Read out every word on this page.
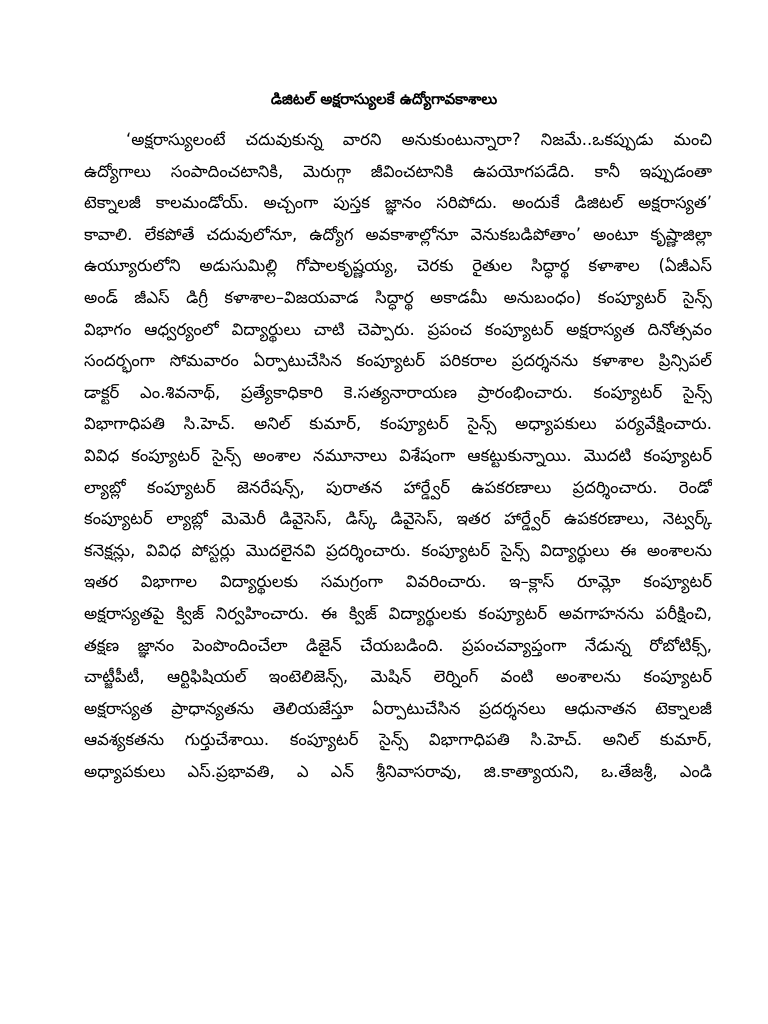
డిజిటల్ అక్షరాస్యులకే ఉద్యోగావకాశాలు
‘అక్షరాస్యులంటే చదువుకున్న వారని అనుకుంటున్నారా? నిజమే..ఒకప్పుడు మంచి
ఉద్యోగాలు సంపాదించటానికి, మెరుగ్గా జీవించటానికి ఉపయోగపడేది. కానీ ఇప్పుడంతా
టెక్నాలజీ కాలమండోయ్. అచ్చంగా పుస్తక జ్ఞానం సరిపోదు. అందుకే డిజిటల్ అక్షరాస్యత’
కావాలి. లేకపోతే చదువులోనూ, ఉద్యోగ అవకాశాల్లోనూ వెనుకబడిపోతాం’ అంటూ కృష్ణాజిల్లా
ఉయ్యూరులోని అడుసుమిల్లి గోపాలకృష్ణయ్య, చెరకు రైతుల సిద్ధార్థ కళాశాల (ఏజీఎస్
అండ్ జీఎస్ డిగ్రీ కళాశాల–విజయవాడ సిద్ధార్థ అకాడమీ అనుబంధం) కంప్యూటర్ సైన్స్
విభాగం ఆధ్వర్యంలో విద్యార్థులు చాటి చెప్పారు. ప్రపంచ కంప్యూటర్ అక్షరాస్యత దినోత్సవం
సందర్భంగా సోమవారం ఏర్పాటుచేసిన కంప్యూటర్ పరికరాల ప్రదర్శనను కళాశాల ప్రిన్సిపల్
డాక్టర్ ఎం.శివనాథ్, ప్రత్యేకాధికారి కె.సత్యనారాయణ ప్రారంభించారు. కంప్యూటర్ సైన్స్
విభాగాధిపతి సి.హెచ్. అనిల్ కుమార్, కంప్యూటర్ సైన్స్ అధ్యాపకులు పర్యవేక్షించారు.
వివిధ కంప్యూటర్ సైన్స్ అంశాల నమూనాలు విశేషంగా ఆకట్టుకున్నాయి. మొదటి కంప్యూటర్
ల్యాబ్లో కంప్యూటర్ జెనరేషన్స్, పురాతన హార్డ్వేర్ ఉపకరణాలు ప్రదర్శించారు. రెండో
కంప్యూటర్ ల్యాబ్లో మెమెరీ డివైసెస్, డిస్క్ డివైసెస్, ఇతర హార్డ్వేర్ ఉపకరణాలు, నెట్వర్క్
కనెక్షన్లు, వివిధ పోస్టర్లు మొదలైనవి ప్రదర్శించారు. కంప్యూటర్ సైన్స్ విద్యార్థులు ఈ అంశాలను
ఇతర విభాగాల విద్యార్థులకు సమగ్రంగా వివరించారు. ఇ–క్లాస్ రూమ్లో కంప్యూటర్
అక్షరాస్యతపై క్విజ్ నిర్వహించారు. ఈ క్విజ్ విద్యార్థులకు కంప్యూటర్ అవగాహనను పరీక్షించి,
తక్షణ జ్ఞానం పెంపొందించేలా డిజైన్ చేయబడింది. ప్రపంచవ్యాప్తంగా నేడున్న రోబోటిక్స్,
చాట్జీపీటీ, ఆర్టిఫిషియల్ ఇంటెలిజెన్స్, మెషిన్ లెర్నింగ్ వంటి అంశాలను కంప్యూటర్
అక్షరాస్యత ప్రాధాన్యతను తెలియజేస్తూ ఏర్పాటుచేసిన ప్రదర్శనలు ఆధునాతన టెక్నాలజీ
ఆవశ్యకతను గుర్తుచేశాయి. కంప్యూటర్ సైన్స్ విభాగాధిపతి సి.హెచ్. అనిల్ కుమార్,
అధ్యాపకులు ఎస్.ప్రభావతి, ఎ ఎన్ శ్రీనివాసరావు, జి.కాత్యాయని, ఒ.తేజశ్రీ, ఎండి
